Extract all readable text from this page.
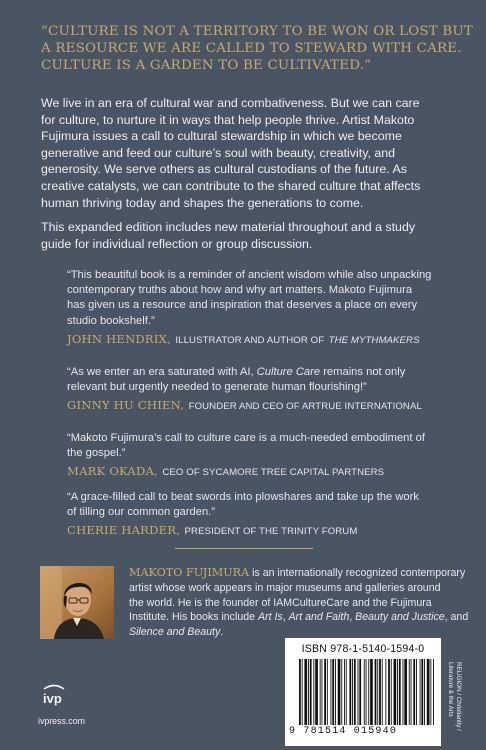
“CULTURE IS NOT A TERRITORY TO BE WON OR LOST BUT
A RESOURCE WE ARE CALLED TO STEWARD WITH CARE.
CULTURE IS A GARDEN TO BE CULTIVATED.”
We live in an era of cultural war and combativeness. But we can care
for culture, to nurture it in ways that help people thrive. Artist Makoto
Fujimura issues a call to cultural stewardship in which we become
generative and feed our culture’s soul with beauty, creativity, and
generosity. We serve others as cultural custodians of the future. As
creative catalysts, we can contribute to the shared culture that affects
human thriving today and shapes the generations to come.
This expanded edition includes new material throughout and a study
guide for individual reflection or group discussion.
“This beautiful book is a reminder of ancient wisdom while also unpacking
contemporary truths about how and why art matters. Makoto Fujimura
has given us a resource and inspiration that deserves a place on every
studio bookshelf.”
JOHN HENDRIX, ILLUSTRATOR AND AUTHOR OF THE MYTHMAKERS
“As we enter an era saturated with AI, Culture Care remains not only
relevant but urgently needed to generate human flourishing!”
GINNY HU CHIEN, FOUNDER AND CEO OF ARTRUE INTERNATIONAL
“Makoto Fujimura’s call to culture care is a much-needed embodiment of
the gospel.”
MARK OKADA, CEO OF SYCAMORE TREE CAPITAL PARTNERS
“A grace-filled call to beat swords into plowshares and take up the work
of tilling our common garden.”
CHERIE HARDER, PRESIDENT OF THE TRINITY FORUM
MAKOTO FUJIMURA is an internationally recognized contemporary
artist whose work appears in major museums and galleries around
the world. He is the founder of IAMCultureCare and the Fujimura
Institute. His books include Art Is, Art and Faith, Beauty and Justice, and
Silence and Beauty.
ivp
ivpress.com
ISBN 978-1-5140-1594-0
9 781514 015940
RELIGION / Christianity /
Literature & the Arts
